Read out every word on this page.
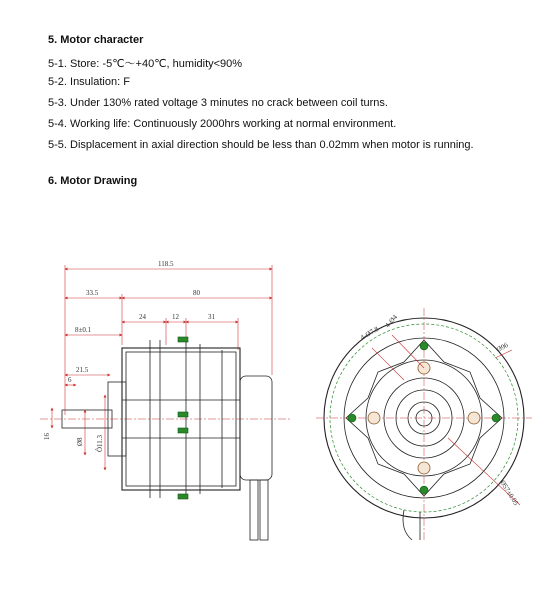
5. Motor character
5-1. Store: -5℃～+40℃, humidity<90%
5-2. Insulation: F
5-3. Under 130% rated voltage 3 minutes no crack between coil turns.
5-4. Working life: Continuously 2000hrs working at normal environment.
5-5. Displacement in axial direction should be less than 0.02mm when motor is running.
6. Motor Drawing
118.5
33.5	80
24	12	31
8±0.1
21.5
6
16
Ø8 Ô11.3
4-Ø4
4-Ø7.8
Ø96
Ø57±0.05
